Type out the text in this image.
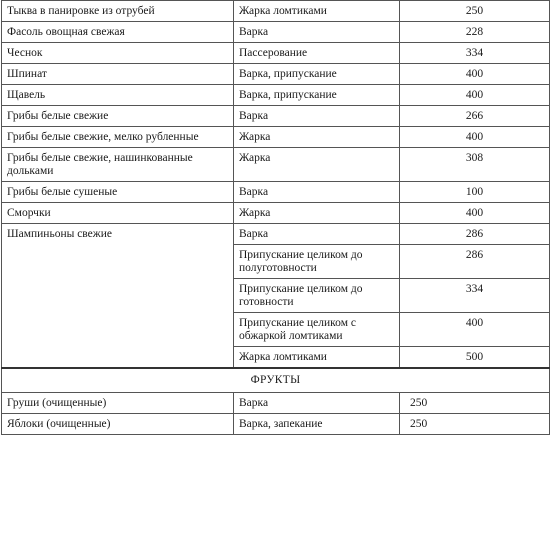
Тыква в панировке из отрубей	Жарка ломтиками	250
Фасоль овощная свежая	Варка	228
Чеснок	Пассерование	334
Шпинат	Варка, припускание	400
Щавель	Варка, припускание	400
Грибы белые свежие	Варка	266
Грибы белые свежие, мелко рубленные	Жарка	400
Грибы белые свежие, нашинкованные дольками	Жарка	308
Грибы белые сушеные	Варка	100
Сморчки	Жарка	400
Шампиньоны свежие	Варка	286
	Припускание целиком до полуготовности	286
	Припускание целиком до готовности	334
	Припускание целиком с обжаркой ломтиками	400
	Жарка ломтиками	500
ФРУКТЫ		
Груши (очищенные)	Варка	250
Яблоки (очищенные)	Варка, запекание	250
